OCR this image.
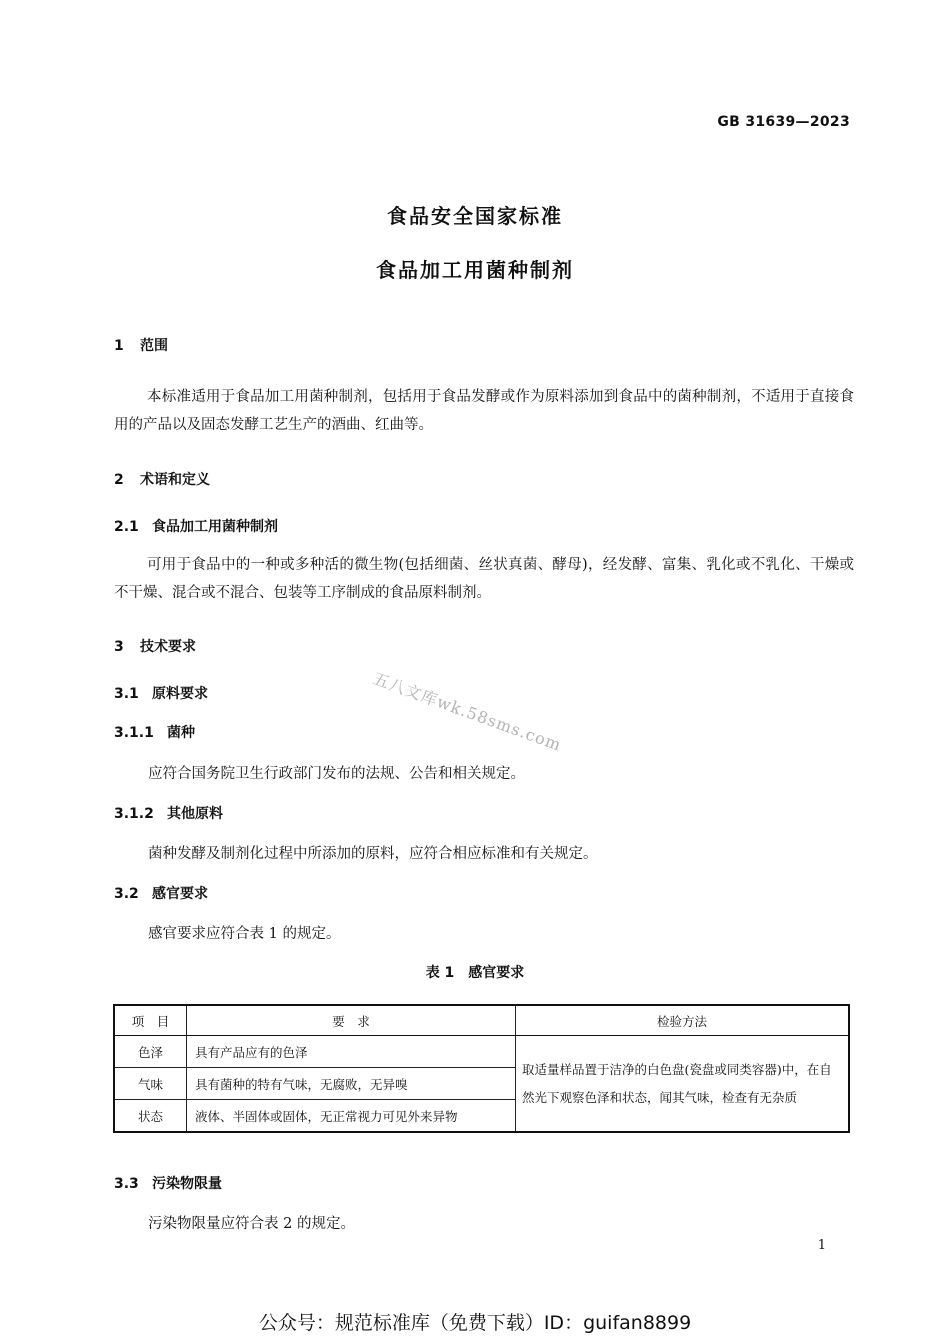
GB 31639—2023
食品安全国家标准
食品加工用菌种制剂
1 范围
本标准适用于食品加工用菌种制剂，包括用于食品发酵或作为原料添加到食品中的菌种制剂，不适用于直接食用的产品以及固态发酵工艺生产的酒曲、红曲等。
2 术语和定义
2.1 食品加工用菌种制剂
可用于食品中的一种或多种活的微生物(包括细菌、丝状真菌、酵母)，经发酵、富集、乳化或不乳化、干燥或不干燥、混合或不混合、包装等工序制成的食品原料制剂。
3 技术要求
3.1 原料要求
3.1.1 菌种
应符合国务院卫生行政部门发布的法规、公告和相关规定。
3.1.2 其他原料
菌种发酵及制剂化过程中所添加的原料，应符合相应标准和有关规定。
3.2 感官要求
感官要求应符合表 1 的规定。
表 1　感官要求
项　目	要　求	检验方法
色泽	具有产品应有的色泽	取适量样品置于洁净的白色盘(瓷盘或同类容器)中，在自然光下观察色泽和状态，闻其气味，检查有无杂质
气味	具有菌种的特有气味，无腐败，无异嗅	
状态	液体、半固体或固体，无正常视力可见外来异物	
3.3 污染物限量
污染物限量应符合表 2 的规定。
1
五八文库wk.58sms.com
公众号：规范标准库（免费下载）ID：guifan8899
